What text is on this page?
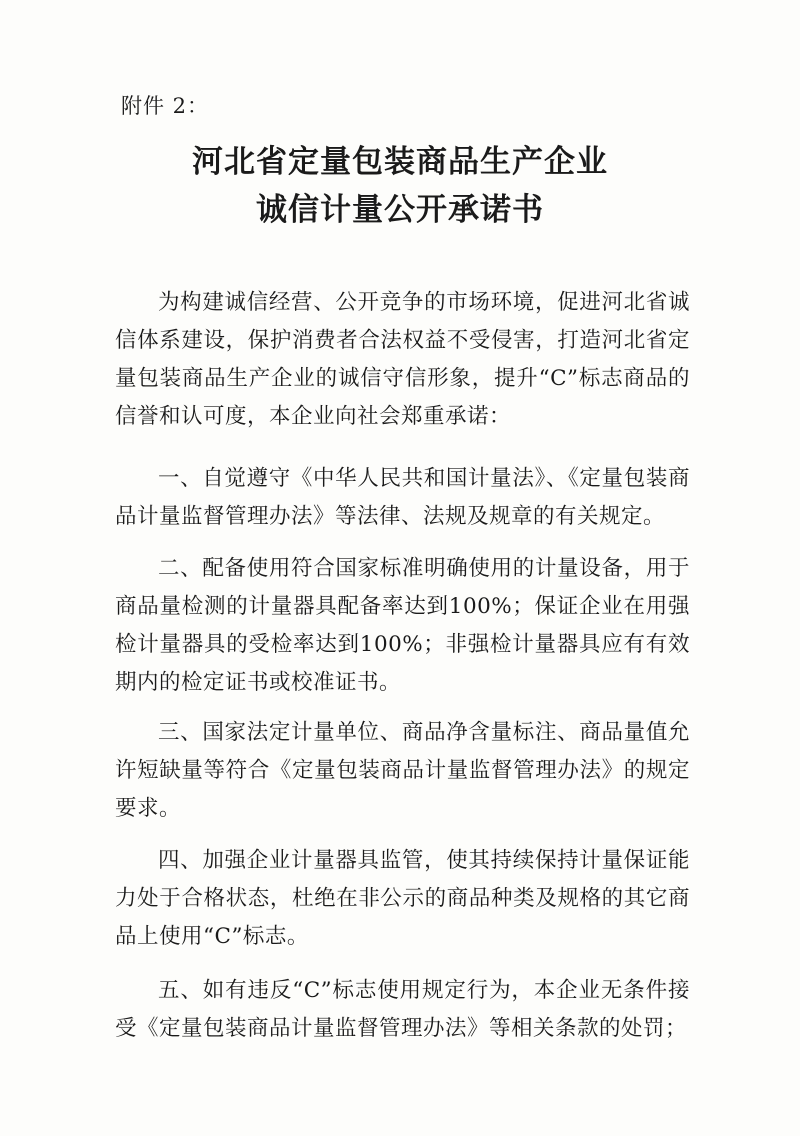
附件 2：
河北省定量包装商品生产企业
诚信计量公开承诺书

为构建诚信经营、公开竞争的市场环境，促进河北省诚信体系建设，保护消费者合法权益不受侵害，打造河北省定量包装商品生产企业的诚信守信形象，提升“C”标志商品的信誉和认可度，本企业向社会郑重承诺：

一、自觉遵守《中华人民共和国计量法》、《定量包装商品计量监督管理办法》等法律、法规及规章的有关规定。

二、配备使用符合国家标准明确使用的计量设备，用于商品量检测的计量器具配备率达到100%；保证企业在用强检计量器具的受检率达到100%；非强检计量器具应有有效期内的检定证书或校准证书。

三、国家法定计量单位、商品净含量标注、商品量值允许短缺量等符合《定量包装商品计量监督管理办法》的规定要求。

四、加强企业计量器具监管，使其持续保持计量保证能力处于合格状态，杜绝在非公示的商品种类及规格的其它商品上使用“C”标志。

五、如有违反“C”标志使用规定行为，本企业无条件接受《定量包装商品计量监督管理办法》等相关条款的处罚；
